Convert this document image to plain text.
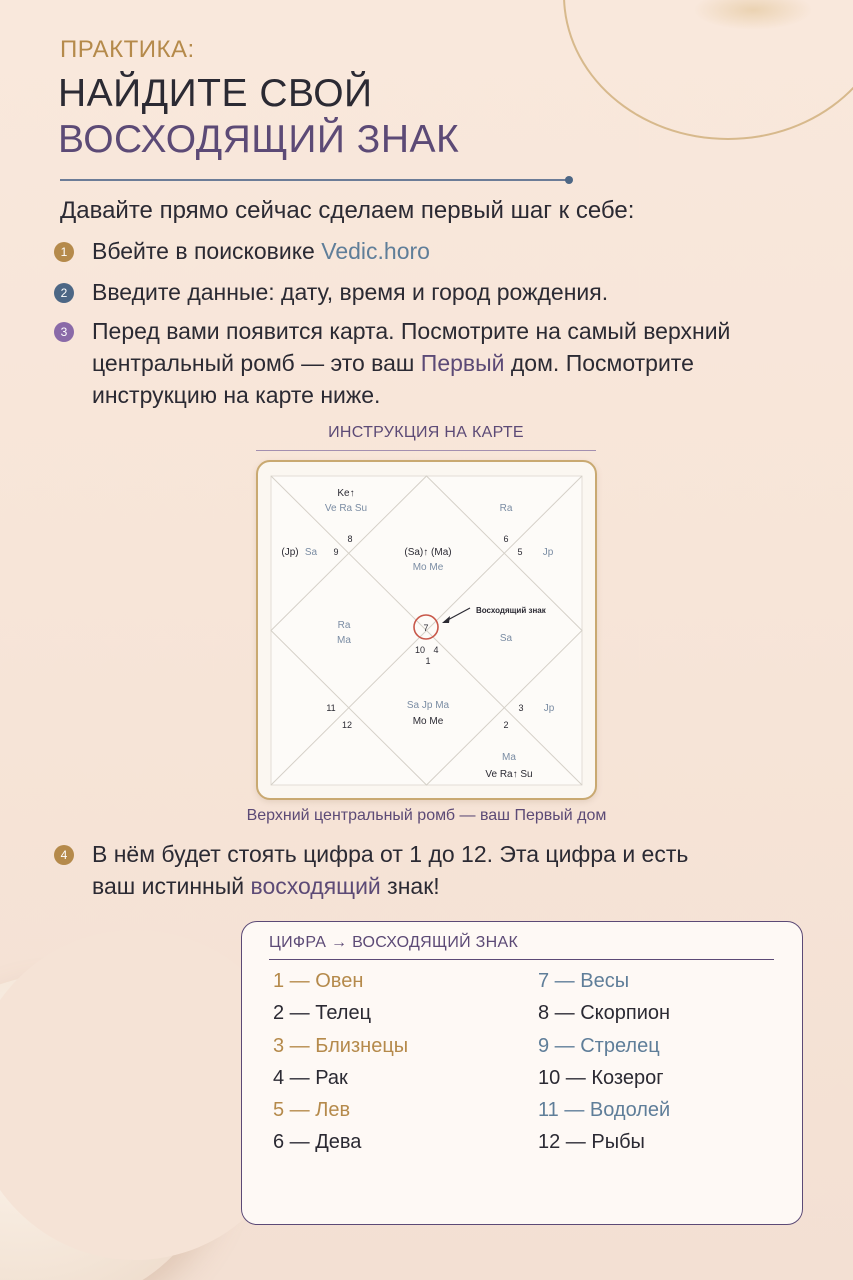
ПРАКТИКА:
НАЙДИТЕ СВОЙ
ВОСХОДЯЩИЙ ЗНАК
Давайте прямо сейчас сделаем первый шаг к себе:
1 Вбейте в поисковике Vedic.horo
2 Введите данные: дату, время и город рождения.
3 Перед вами появится карта. Посмотрите на самый верхний центральный ромб — это ваш Первый дом. Посмотрите инструкцию на карте ниже.
ИНСТРУКЦИЯ НА КАРТЕ
Ke↑
Ve Ra Su
8
9
(Jp) Sa	(Sa)↑ (Ma)
Mo Me
Ra
6
5 Jp
Ra
Ma
7
10 4
1
Sa
11
12
Sa Jp Ma
Mo Me
3 Jp
2
Ma
Ve Ra↑ Su
Восходящий знак
Верхний центральный ромб — ваш Первый дом
4 В нём будет стоять цифра от 1 до 12. Эта цифра и есть ваш истинный восходящий знак!
ЦИФРА → ВОСХОДЯЩИЙ ЗНАК
1 — Овен
2 — Телец
3 — Близнецы
4 — Рак
5 — Лев
6 — Дева
7 — Весы
8 — Скорпион
9 — Стрелец
10 — Козерог
11 — Водолей
12 — Рыбы
